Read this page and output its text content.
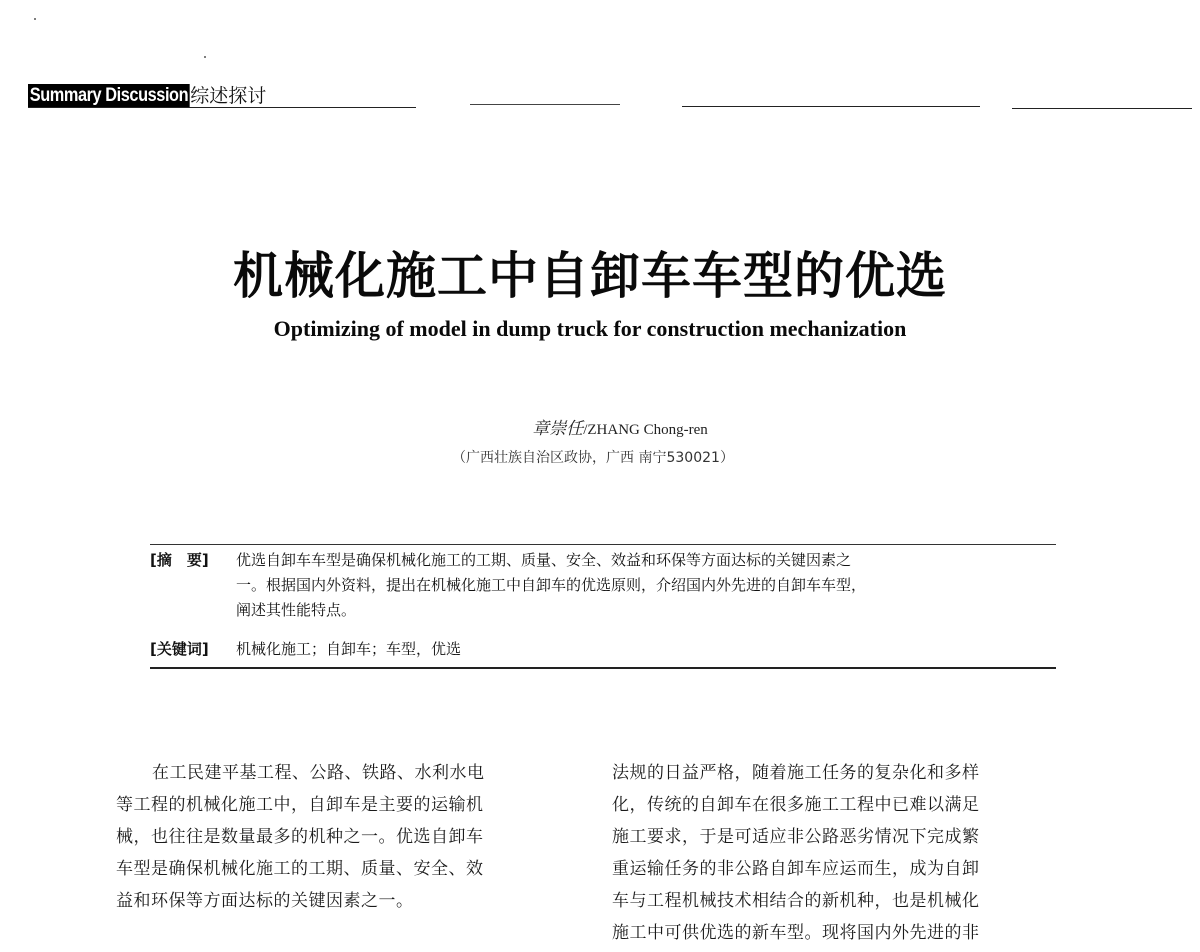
Summary Discussion 综述探讨
机械化施工中自卸车车型的优选
Optimizing of model in dump truck for construction mechanization
章崇任/ZHANG Chong-ren
（广西壮族自治区政协，广西 南宁530021）
[摘　要] 优选自卸车车型是确保机械化施工的工期、质量、安全、效益和环保等方面达标的关键因素之
一。根据国内外资料，提出在机械化施工中自卸车的优选原则，介绍国内外先进的自卸车车型，
阐述其性能特点。
[关键词] 机械化施工；自卸车；车型，优选

在工民建平基工程、公路、铁路、水利水电

等工程的机械化施工中，自卸车是主要的运输机

械，也往往是数量最多的机种之一。优选自卸车

车型是确保机械化施工的工期、质量、安全、效

益和环保等方面达标的关键因素之一。

法规的日益严格，随着施工任务的复杂化和多样

化，传统的自卸车在很多施工工程中已难以满足

施工要求，于是可适应非公路恶劣情况下完成繁

重运输任务的非公路自卸车应运而生，成为自卸

车与工程机械技术相结合的新机种，也是机械化

施工中可供优选的新车型。现将国内外先进的非
